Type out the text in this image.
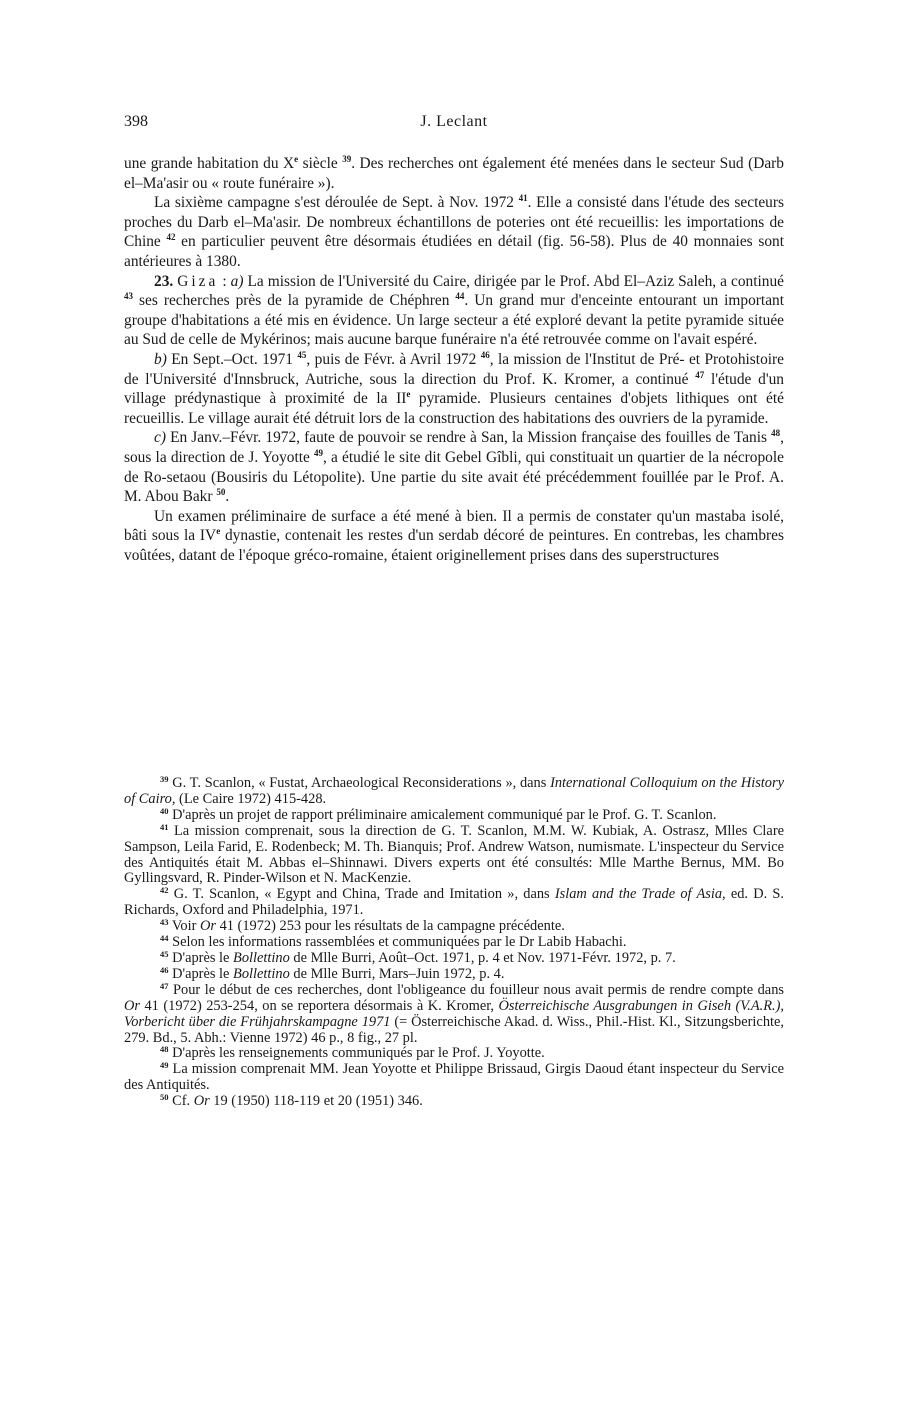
398	J. Leclant

une grande habitation du Xe siècle $^{39}$. Des recherches ont également été menées dans le secteur Sud (Darb el–Ma'asir ou « route funéraire »).

La sixième campagne s'est déroulée de Sept. à Nov. 1972 $^{41}$. Elle a consisté dans l'étude des secteurs proches du Darb el–Ma'asir. De nombreux échantillons de poteries ont été recueillis: les importations de Chine $^{42}$ en particulier peuvent être désormais étudiées en détail (fig. 56-58). Plus de 40 monnaies sont antérieures à 1380.

23. Giza : a) La mission de l'Université du Caire, dirigée par le Prof. Abd El–Aziz Saleh, a continué $^{43}$ ses recherches près de la pyramide de Chéphren $^{44}$. Un grand mur d'enceinte entourant un important groupe d'habitations a été mis en évidence. Un large secteur a été exploré devant la petite pyramide située au Sud de celle de Mykérinos; mais aucune barque funéraire n'a été retrouvée comme on l'avait espéré.

b) En Sept.–Oct. 1971 $^{45}$, puis de Févr. à Avril 1972 $^{46}$, la mission de l'Institut de Pré- et Protohistoire de l'Université d'Innsbruck, Autriche, sous la direction du Prof. K. Kromer, a continué $^{47}$ l'étude d'un village prédynastique à proximité de la IIe pyramide. Plusieurs centaines d'objets lithiques ont été recueillis. Le village aurait été détruit lors de la construction des habitations des ouvriers de la pyramide.

c) En Janv.–Févr. 1972, faute de pouvoir se rendre à San, la Mission française des fouilles de Tanis $^{48}$, sous la direction de J. Yoyotte $^{49}$, a étudié le site dit Gebel Gîbli, qui constituait un quartier de la nécropole de Ro-setaou (Bousiris du Létopolite). Une partie du site avait été précédemment fouillée par le Prof. A. M. Abou Bakr $^{50}$.

Un examen préliminaire de surface a été mené à bien. Il a permis de constater qu'un mastaba isolé, bâti sous la IVe dynastie, contenait les restes d'un serdab décoré de peintures. En contrebas, les chambres voûtées, datant de l'époque gréco-romaine, étaient originellement prises dans des superstructures

$^{39}$ G. T. Scanlon, « Fustat, Archaeological Reconsiderations », dans International Colloquium on the History of Cairo, (Le Caire 1972) 415-428.

$^{40}$ D'après un projet de rapport préliminaire amicalement communiqué par le Prof. G. T. Scanlon.

$^{41}$ La mission comprenait, sous la direction de G. T. Scanlon, M.M. W. Kubiak, A. Ostrasz, Mlles Clare Sampson, Leila Farid, E. Rodenbeck; M. Th. Bianquis; Prof. Andrew Watson, numismate. L'inspecteur du Service des Antiquités était M. Abbas el–Shinnawi. Divers experts ont été consultés: Mlle Marthe Bernus, MM. Bo Gyllingsvard, R. Pinder-Wilson et N. MacKenzie.

$^{42}$ G. T. Scanlon, « Egypt and China, Trade and Imitation », dans Islam and the Trade of Asia, ed. D. S. Richards, Oxford and Philadelphia, 1971.

$^{43}$ Voir Or 41 (1972) 253 pour les résultats de la campagne précédente.

$^{44}$ Selon les informations rassemblées et communiquées par le Dr Labib Habachi.

$^{45}$ D'après le Bollettino de Mlle Burri, Août–Oct. 1971, p. 4 et Nov. 1971-Févr. 1972, p. 7.

$^{46}$ D'après le Bollettino de Mlle Burri, Mars–Juin 1972, p. 4.

$^{47}$ Pour le début de ces recherches, dont l'obligeance du fouilleur nous avait permis de rendre compte dans Or 41 (1972) 253-254, on se reportera désormais à K. Kromer, Österreichische Ausgrabungen in Giseh (V.A.R.), Vorbericht über die Frühjahrskampagne 1971 (= Österreichische Akad. d. Wiss., Phil.-Hist. Kl., Sitzungsberichte, 279. Bd., 5. Abh.: Vienne 1972) 46 p., 8 fig., 27 pl.

$^{48}$ D'après les renseignements communiqués par le Prof. J. Yoyotte.

$^{49}$ La mission comprenait MM. Jean Yoyotte et Philippe Brissaud, Girgis Daoud étant inspecteur du Service des Antiquités.

$^{50}$ Cf. Or 19 (1950) 118-119 et 20 (1951) 346.
